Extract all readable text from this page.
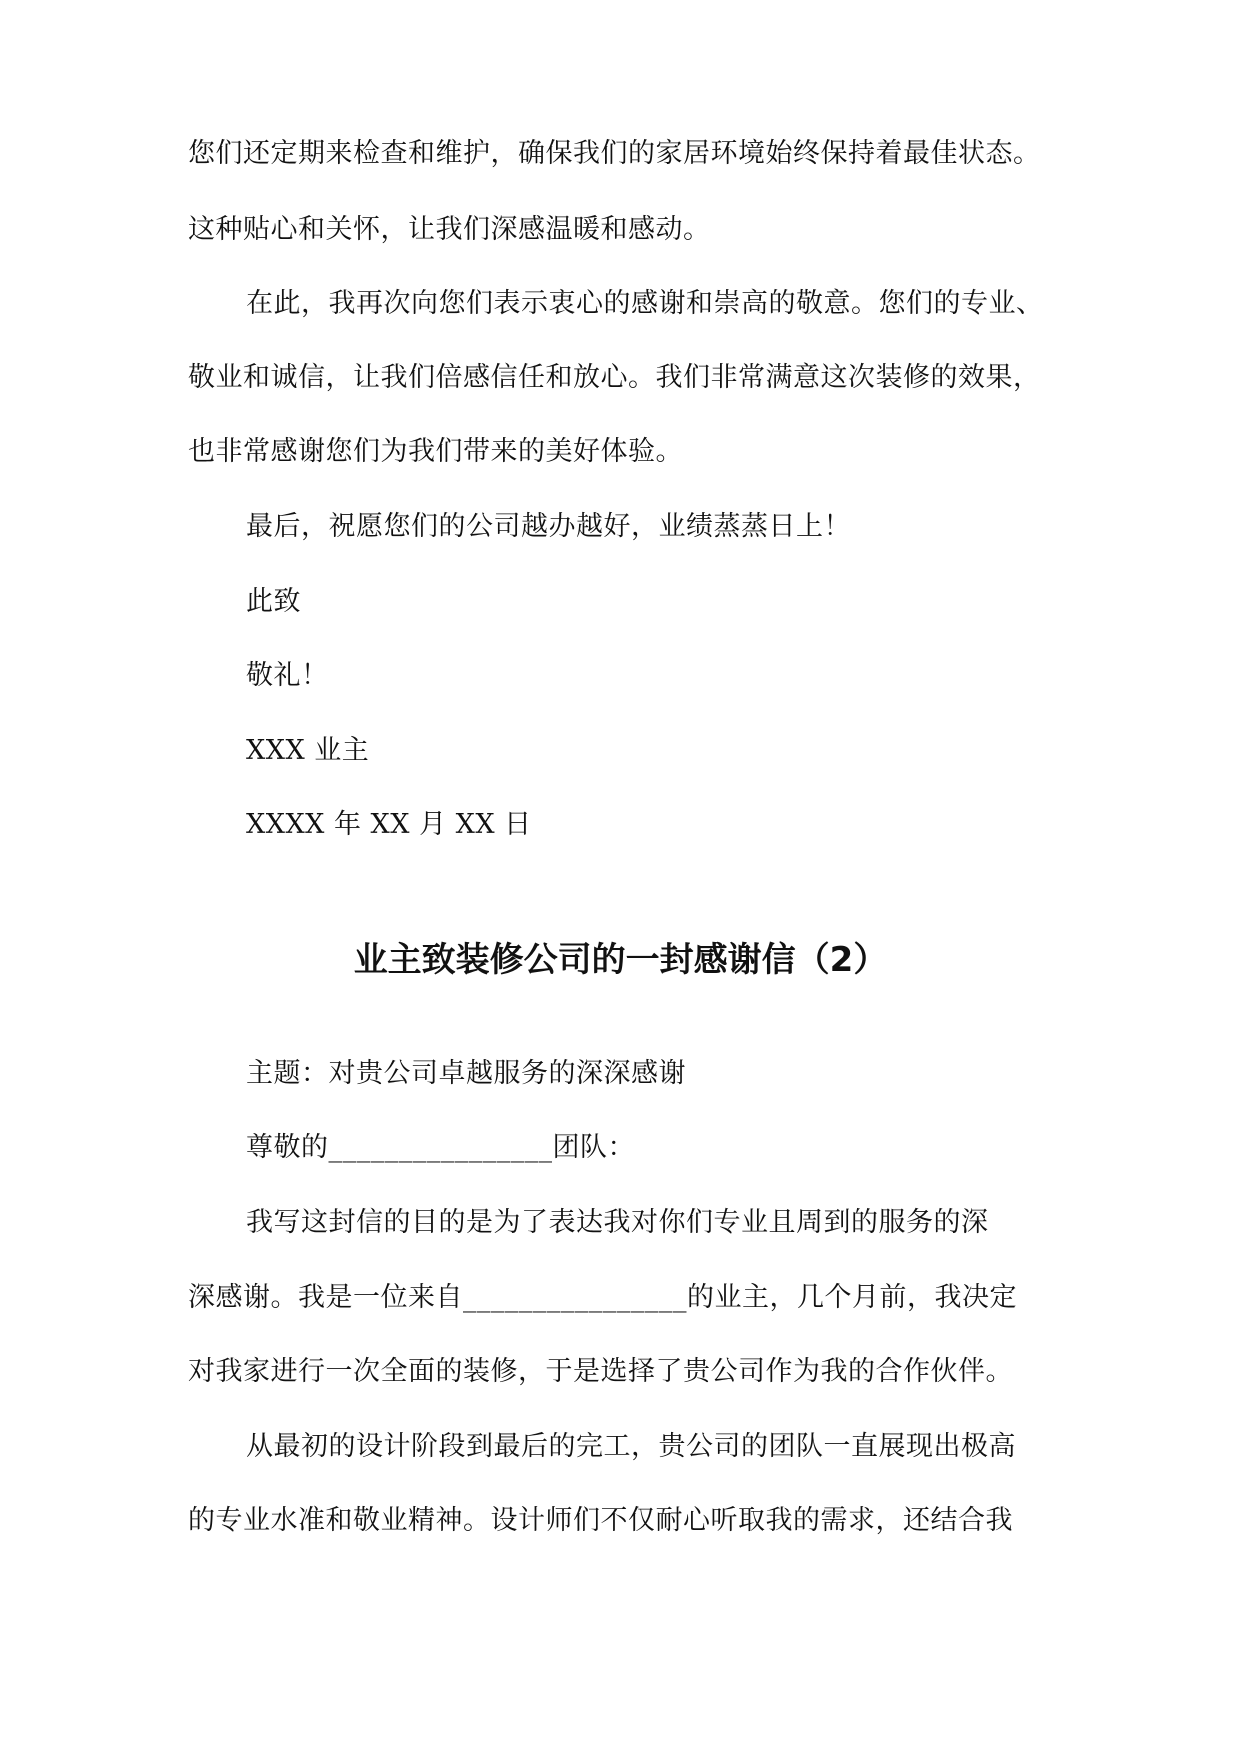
您们还定期来检查和维护，确保我们的家居环境始终保持着最佳状态。
这种贴心和关怀，让我们深感温暖和感动。
在此，我再次向您们表示衷心的感谢和崇高的敬意。您们的专业、
敬业和诚信，让我们倍感信任和放心。我们非常满意这次装修的效果，
也非常感谢您们为我们带来的美好体验。
最后，祝愿您们的公司越办越好，业绩蒸蒸日上！
此致
敬礼！
XXX 业主
XXXX 年 XX 月 XX 日
业主致装修公司的一封感谢信（2）
主题：对贵公司卓越服务的深深感谢
尊敬的________________团队：
我写这封信的目的是为了表达我对你们专业且周到的服务的深
深感谢。我是一位来自________________的业主，几个月前，我决定
对我家进行一次全面的装修，于是选择了贵公司作为我的合作伙伴。
从最初的设计阶段到最后的完工，贵公司的团队一直展现出极高
的专业水准和敬业精神。设计师们不仅耐心听取我的需求，还结合我
